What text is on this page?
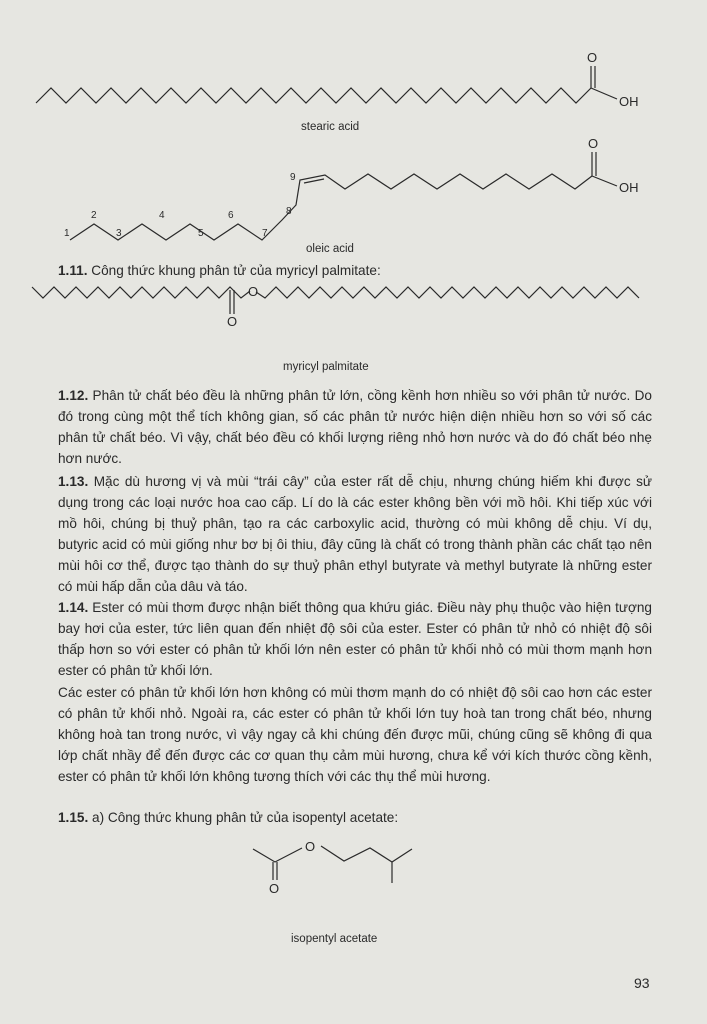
O
OH
stearic acid
O
OH
1
2
3
4
5
6
7
8
9
oleic acid
O
O
myricyl palmitate
O
O
isopentyl acetate

1.11. Công thức khung phân tử của myricyl palmitate:

1.12. Phân tử chất béo đều là những phân tử lớn, cồng kềnh hơn nhiều so với phân tử nước. Do đó trong cùng một thể tích không gian, số các phân tử nước hiện diện nhiều hơn so với số các phân tử chất béo. Vì vậy, chất béo đều có khối lượng riêng nhỏ hơn nước và do đó chất béo nhẹ hơn nước.

1.13. Mặc dù hương vị và mùi “trái cây” của ester rất dễ chịu, nhưng chúng hiếm khi được sử dụng trong các loại nước hoa cao cấp. Lí do là các ester không bền với mồ hôi. Khi tiếp xúc với mồ hôi, chúng bị thuỷ phân, tạo ra các carboxylic acid, thường có mùi không dễ chịu. Ví dụ, butyric acid có mùi giống như bơ bị ôi thiu, đây cũng là chất có trong thành phần các chất tạo nên mùi hôi cơ thể, được tạo thành do sự thuỷ phân ethyl butyrate và methyl butyrate là những ester có mùi hấp dẫn của dâu và táo.

1.14. Ester có mùi thơm được nhận biết thông qua khứu giác. Điều này phụ thuộc vào hiện tượng bay hơi của ester, tức liên quan đến nhiệt độ sôi của ester. Ester có phân tử nhỏ có nhiệt độ sôi thấp hơn so với ester có phân tử khối lớn nên ester có phân tử khối nhỏ có mùi thơm mạnh hơn ester có phân tử khối lớn.

Các ester có phân tử khối lớn hơn không có mùi thơm mạnh do có nhiệt độ sôi cao hơn các ester có phân tử khối nhỏ. Ngoài ra, các ester có phân tử khối lớn tuy hoà tan trong chất béo, nhưng không hoà tan trong nước, vì vậy ngay cả khi chúng đến được mũi, chúng cũng sẽ không đi qua lớp chất nhầy để đến được các cơ quan thụ cảm mùi hương, chưa kể với kích thước cồng kềnh, ester có phân tử khối lớn không tương thích với các thụ thể mùi hương.

1.15. a) Công thức khung phân tử của isopentyl acetate:

93
